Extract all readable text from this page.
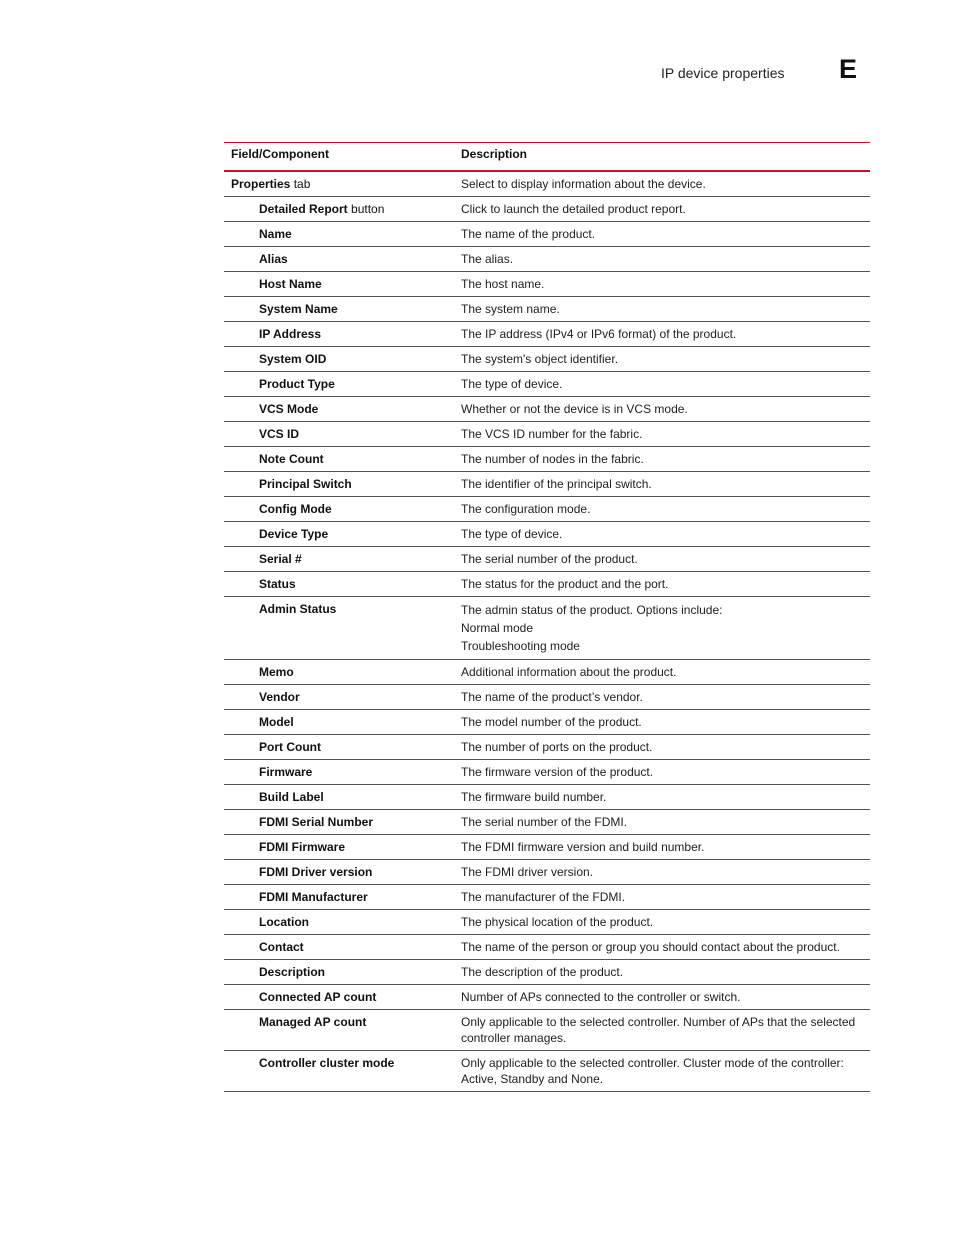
IP device properties E
Field/Component	Description
Properties tab	Select to display information about the device.
Detailed Report button	Click to launch the detailed product report.
Name	The name of the product.
Alias	The alias.
Host Name	The host name.
System Name	The system name.
IP Address	The IP address (IPv4 or IPv6 format) of the product.
System OID	The system's object identifier.
Product Type	The type of device.
VCS Mode	Whether or not the device is in VCS mode.
VCS ID	The VCS ID number for the fabric.
Note Count	The number of nodes in the fabric.
Principal Switch	The identifier of the principal switch.
Config Mode	The configuration mode.
Device Type	The type of device.
Serial #	The serial number of the product.
Status	The status for the product and the port.
Admin Status	The admin status of the product. Options include:
Normal mode
Troubleshooting mode
Memo	Additional information about the product.
Vendor	The name of the product’s vendor.
Model	The model number of the product.
Port Count	The number of ports on the product.
Firmware	The firmware version of the product.
Build Label	The firmware build number.
FDMI Serial Number	The serial number of the FDMI.
FDMI Firmware	The FDMI firmware version and build number.
FDMI Driver version	The FDMI driver version.
FDMI Manufacturer	The manufacturer of the FDMI.
Location	The physical location of the product.
Contact	The name of the person or group you should contact about the product.
Description	The description of the product.
Connected AP count	Number of APs connected to the controller or switch.
Managed AP count	Only applicable to the selected controller. Number of APs that the selected controller manages.
Controller cluster mode	Only applicable to the selected controller. Cluster mode of the controller: Active, Standby and None.
